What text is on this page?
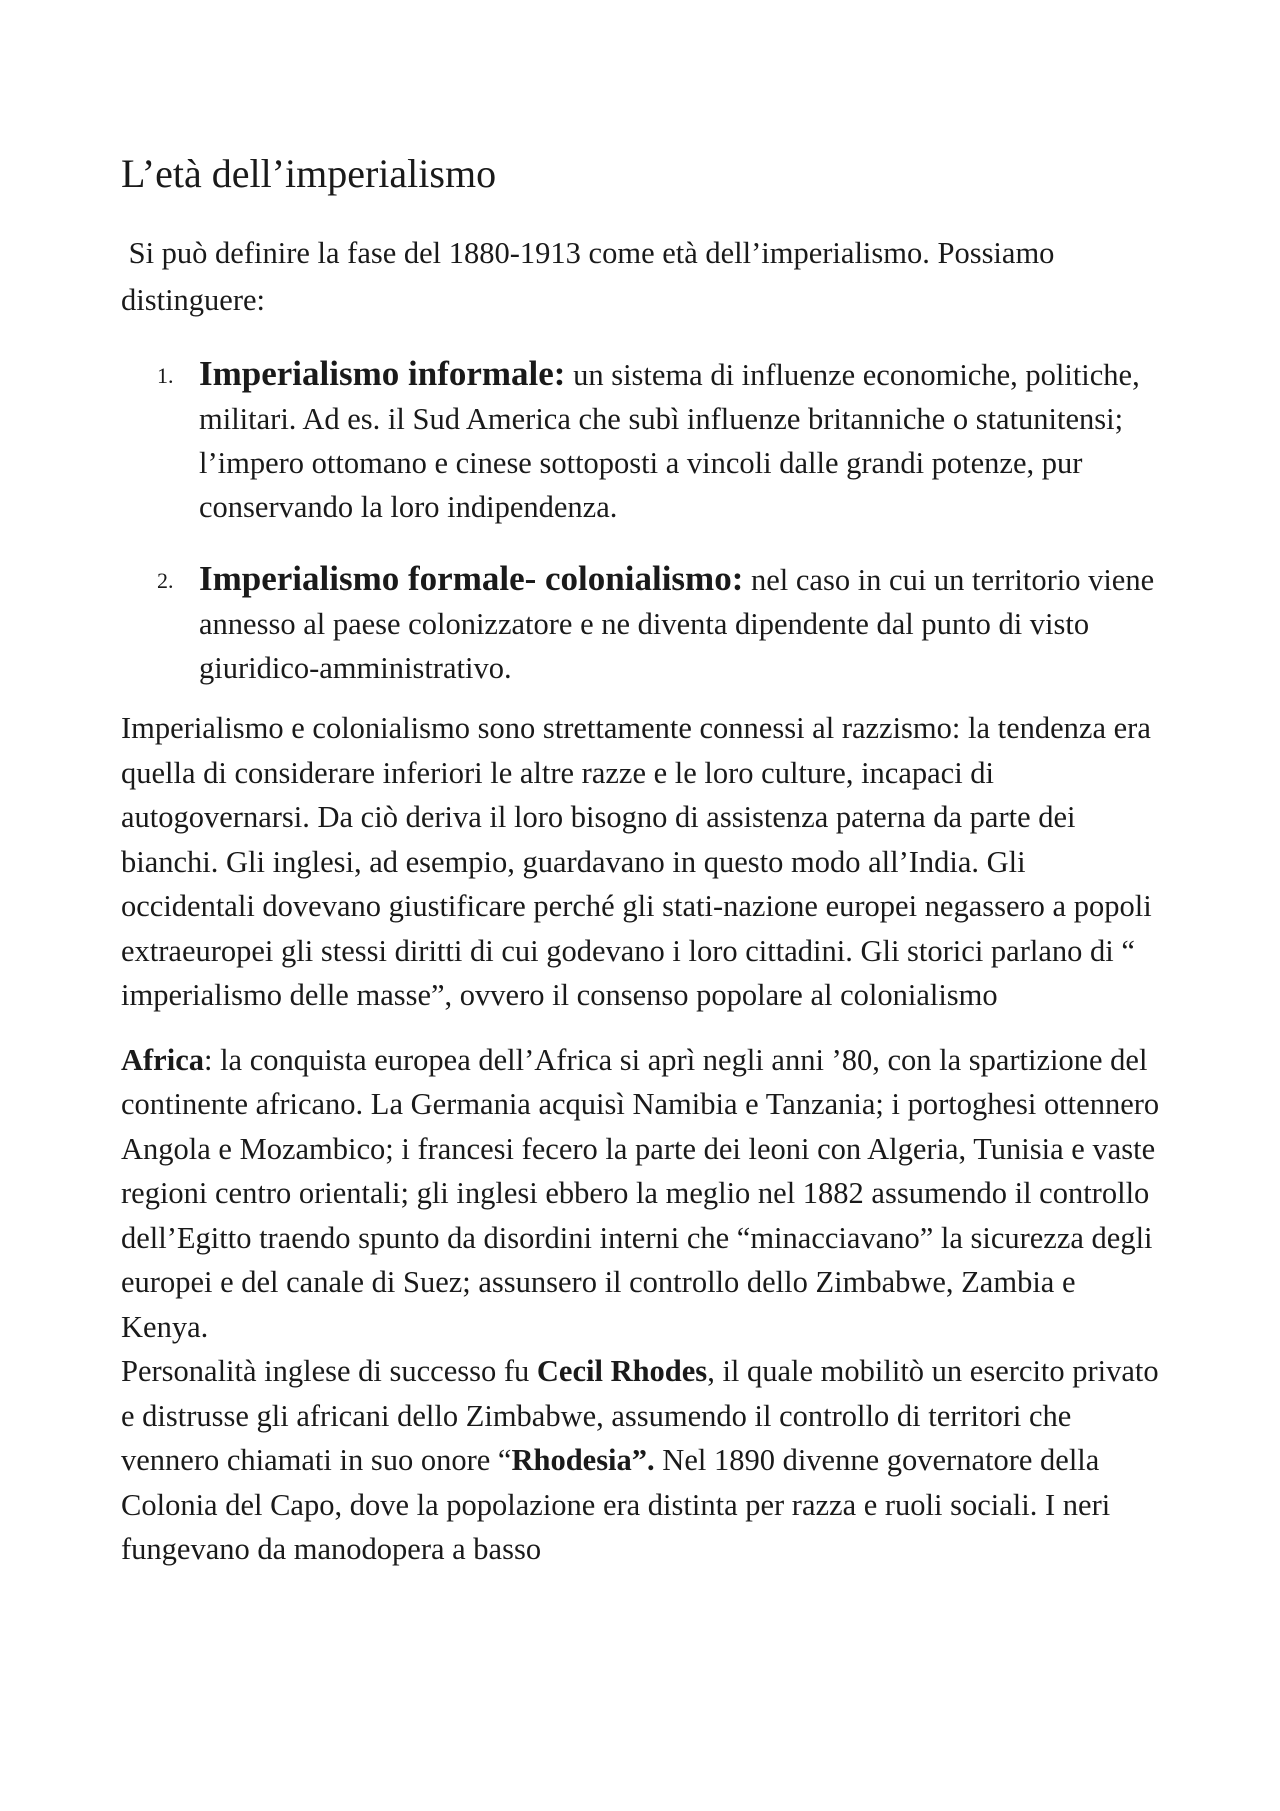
L’età dell’imperialismo

Si può definire la fase del 1880-1913 come età dell’imperialismo. Possiamo distinguere:

1. Imperialismo informale: un sistema di influenze economiche, politiche, militari. Ad es. il Sud America che subì influenze britanniche o statunitensi; l’impero ottomano e cinese sottoposti a vincoli dalle grandi potenze, pur conservando la loro indipendenza.
2. Imperialismo formale- colonialismo: nel caso in cui un territorio viene annesso al paese colonizzatore e ne diventa dipendente dal punto di visto giuridico-amministrativo.

Imperialismo e colonialismo sono strettamente connessi al razzismo: la tendenza era quella di considerare inferiori le altre razze e le loro culture, incapaci di autogovernarsi. Da ciò deriva il loro bisogno di assistenza paterna da parte dei bianchi. Gli inglesi, ad esempio, guardavano in questo modo all’India. Gli occidentali dovevano giustificare perché gli stati-nazione europei negassero a popoli extraeuropei gli stessi diritti di cui godevano i loro cittadini. Gli storici parlano di “ imperialismo delle masse”, ovvero il consenso popolare al colonialismo

Africa: la conquista europea dell’Africa si aprì negli anni ’80, con la spartizione del continente africano. La Germania acquisì Namibia e Tanzania; i portoghesi ottennero Angola e Mozambico; i francesi fecero la parte dei leoni con Algeria, Tunisia e vaste regioni centro orientali; gli inglesi ebbero la meglio nel 1882 assumendo il controllo dell’Egitto traendo spunto da disordini interni che “minacciavano” la sicurezza degli europei e del canale di Suez; assunsero il controllo dello Zimbabwe, Zambia e Kenya.

Personalità inglese di successo fu Cecil Rhodes, il quale mobilitò un esercito privato e distrusse gli africani dello Zimbabwe, assumendo il controllo di territori che vennero chiamati in suo onore “Rhodesia”. Nel 1890 divenne governatore della Colonia del Capo, dove la popolazione era distinta per razza e ruoli sociali. I neri fungevano da manodopera a basso
